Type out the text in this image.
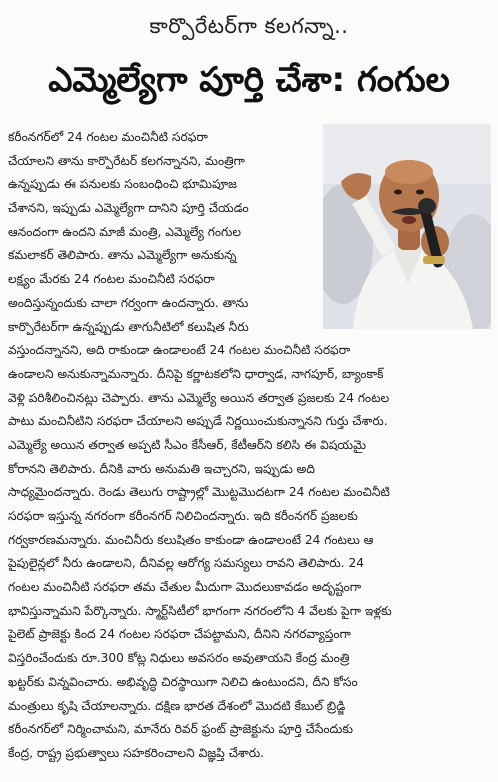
కార్పొరేటర్‌గా కలగన్నా..
ఎమ్మెల్యేగా పూర్తి చేశా: గంగుల
కరీంనగర్‌లో 24 గంటల మంచినీటి సరఫరా
చేయాలని తాను కార్పొరేటర్ కలగన్నానని, మంత్రిగా
ఉన్నప్పుడు ఈ పనులకు సంబంధించి భూమిపూజ
చేశానని, ఇప్పుడు ఎమ్మెల్యేగా దానిని పూర్తి చేయడం
ఆనందంగా ఉందని మాజీ మంత్రి, ఎమ్మెల్యే గంగుల
కమలాకర్ తెలిపారు. తాను ఎమ్మెల్యేగా అనుకున్న
లక్ష్యం మేరకు 24 గంటల మంచినీటి సరఫరా
అందిస్తున్నందుకు చాలా గర్వంగా ఉందన్నారు. తాను
కార్పొరేటర్‌గా ఉన్నప్పుడు తాగునీటిలో కలుషిత నీరు
వస్తుందన్నానని, అది రాకుండా ఉండాలంటే 24 గంటల మంచినీటి సరఫరా
ఉండాలని అనుకున్నామన్నారు. దీనిపై కర్ణాటకలోని ధార్వాడ, నాగపూర్, బ్యాంకాక్
వెళ్లి పరిశీలించినట్లు చెప్పారు. తాను ఎమ్మెల్యే అయిన తర్వాత ప్రజలకు 24 గంటల
పాటు మంచినీటిని సరఫరా చేయాలని అప్పుడే నిర్ణయించుకున్నానని గుర్తు చేశారు.
ఎమ్మెల్యే అయిన తర్వాత అప్పటి సీఎం కేసీఆర్, కేటీఆర్‌ని కలిసి ఈ విషయమై
కోరానని తెలిపారు. దీనికి వారు అనుమతి ఇచ్చారని, ఇప్పుడు అది
సాధ్యమైందన్నారు. రెండు తెలుగు రాష్ట్రాల్లో మొట్టమొదటగా 24 గంటల మంచినీటి
సరఫరా ఇస్తున్న నగరంగా కరీంనగర్ నిలిచిందన్నారు. ఇది కరీంనగర్ ప్రజలకు
గర్వకారణమన్నారు. మంచినీరు కలుషితం కాకుండా ఉండాలంటే 24 గంటలు ఆ
పైపులైన్లలో నీరు ఉండాలని, దీనివల్ల ఆరోగ్య సమస్యలు రావని తెలిపారు. 24
గంటల మంచినీటి సరఫరా తమ చేతుల మీదుగా మొదలుకావడం అదృష్టంగా
భావిస్తున్నామని పేర్కొన్నారు. స్మార్ట్‌సిటీలో భాగంగా నగరంలోని 4 వేలకు పైగా ఇళ్లకు
పైలెట్ ప్రాజెక్టు కింద 24 గంటల సరఫరా చేపట్టామని, దీనిని నగరవ్యాప్తంగా
విస్తరించేందుకు రూ.300 కోట్ల నిధులు అవసరం అవుతాయని కేంద్ర మంత్రి
ఖట్టర్‌కు విన్నవించారు. అభివృద్ధి చిరస్థాయిగా నిలిచి ఉంటుందని, దీని కోసం
మంత్రులు కృషి చేయాలన్నారు. దక్షిణ భారత దేశంలో మొదటి కేబుల్ బ్రిడ్జి
కరీంనగర్‌లో నిర్మించామని, మానేరు రివర్ ఫ్రంట్ ప్రాజెక్టును పూర్తి చేసేందుకు
కేంద్ర, రాష్ట్ర ప్రభుత్వాలు సహకరించాలని విజ్ఞప్తి చేశారు.
